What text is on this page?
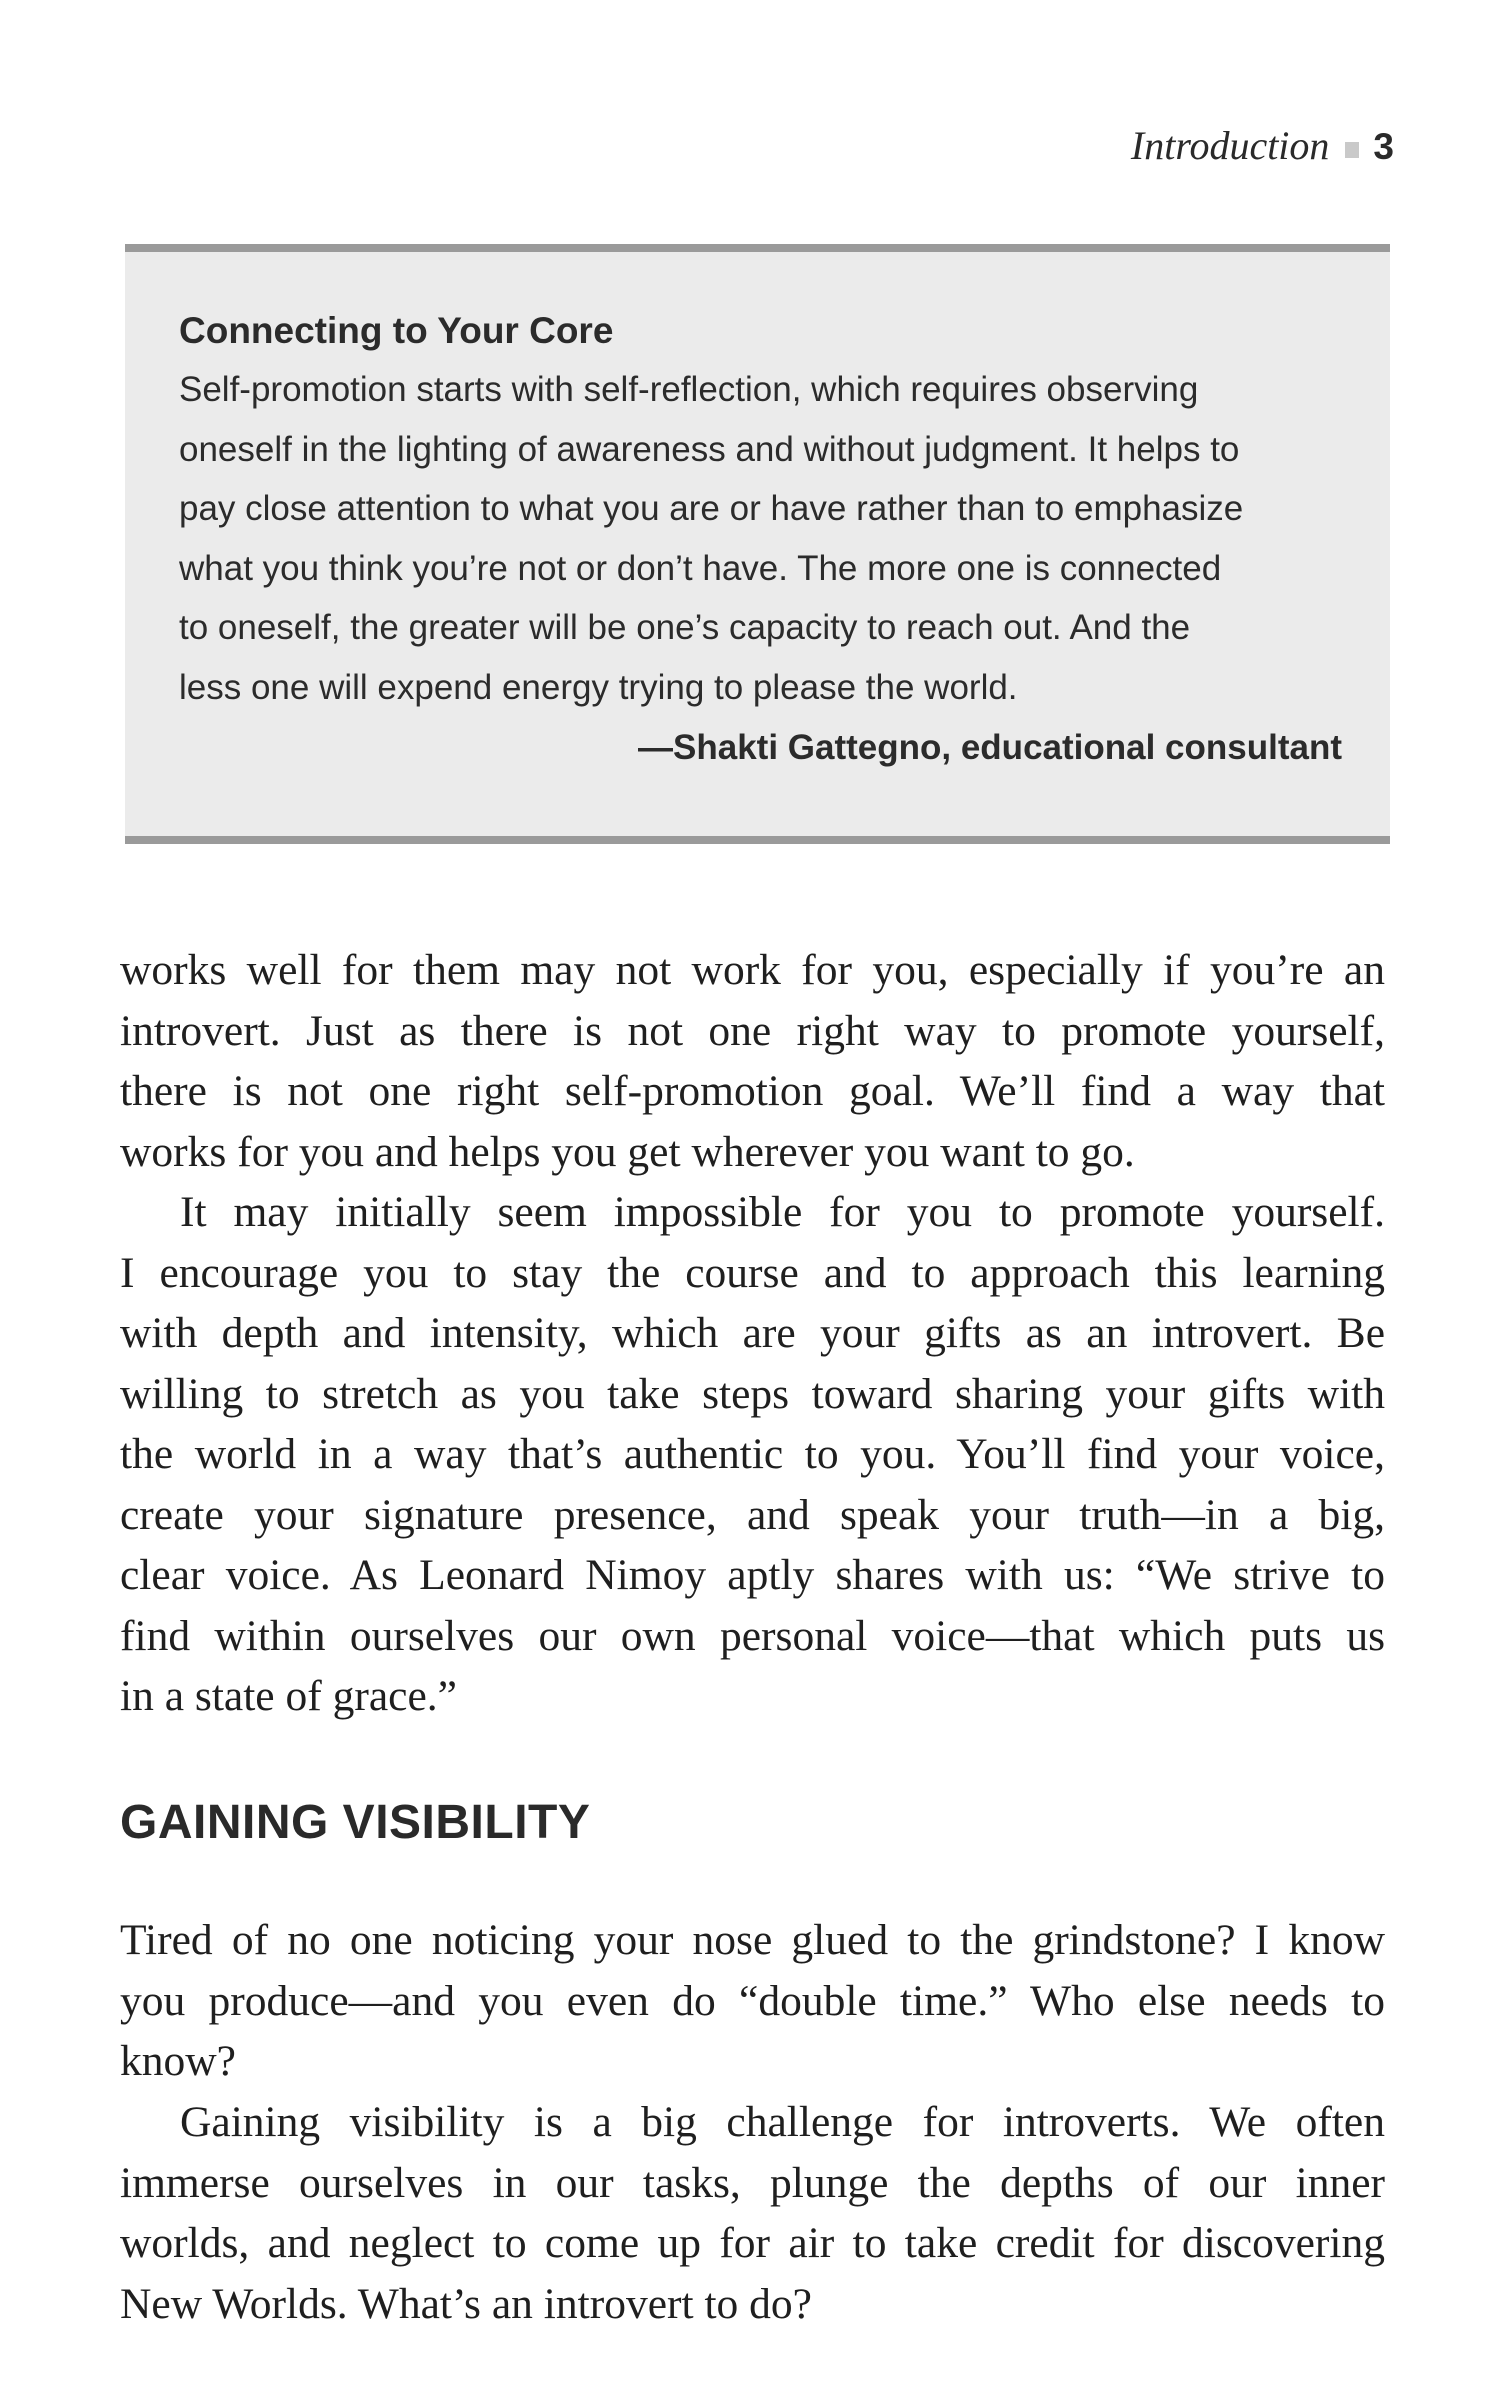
Introduction 3
Connecting to Your Core
Self-promotion starts with self-reflection, which requires observing
oneself in the lighting of awareness and without judgment. It helps to
pay close attention to what you are or have rather than to emphasize
what you think you’re not or don’t have. The more one is connected
to oneself, the greater will be one’s capacity to reach out. And the
less one will expend energy trying to please the world.
—Shakti Gattegno, educational consultant
works well for them may not work for you, especially if you’re an
introvert. Just as there is not one right way to promote yourself,
there is not one right self-promotion goal. We’ll find a way that
works for you and helps you get wherever you want to go.
It may initially seem impossible for you to promote yourself.
I encourage you to stay the course and to approach this learning
with depth and intensity, which are your gifts as an introvert. Be
willing to stretch as you take steps toward sharing your gifts with
the world in a way that’s authentic to you. You’ll find your voice,
create your signature presence, and speak your truth—in a big,
clear voice. As Leonard Nimoy aptly shares with us: “We strive to
find within ourselves our own personal voice—that which puts us
in a state of grace.”
GAINING VISIBILITY
Tired of no one noticing your nose glued to the grindstone? I know
you produce—and you even do “double time.” Who else needs to
know?
Gaining visibility is a big challenge for introverts. We often
immerse ourselves in our tasks, plunge the depths of our inner
worlds, and neglect to come up for air to take credit for discovering
New Worlds. What’s an introvert to do?
